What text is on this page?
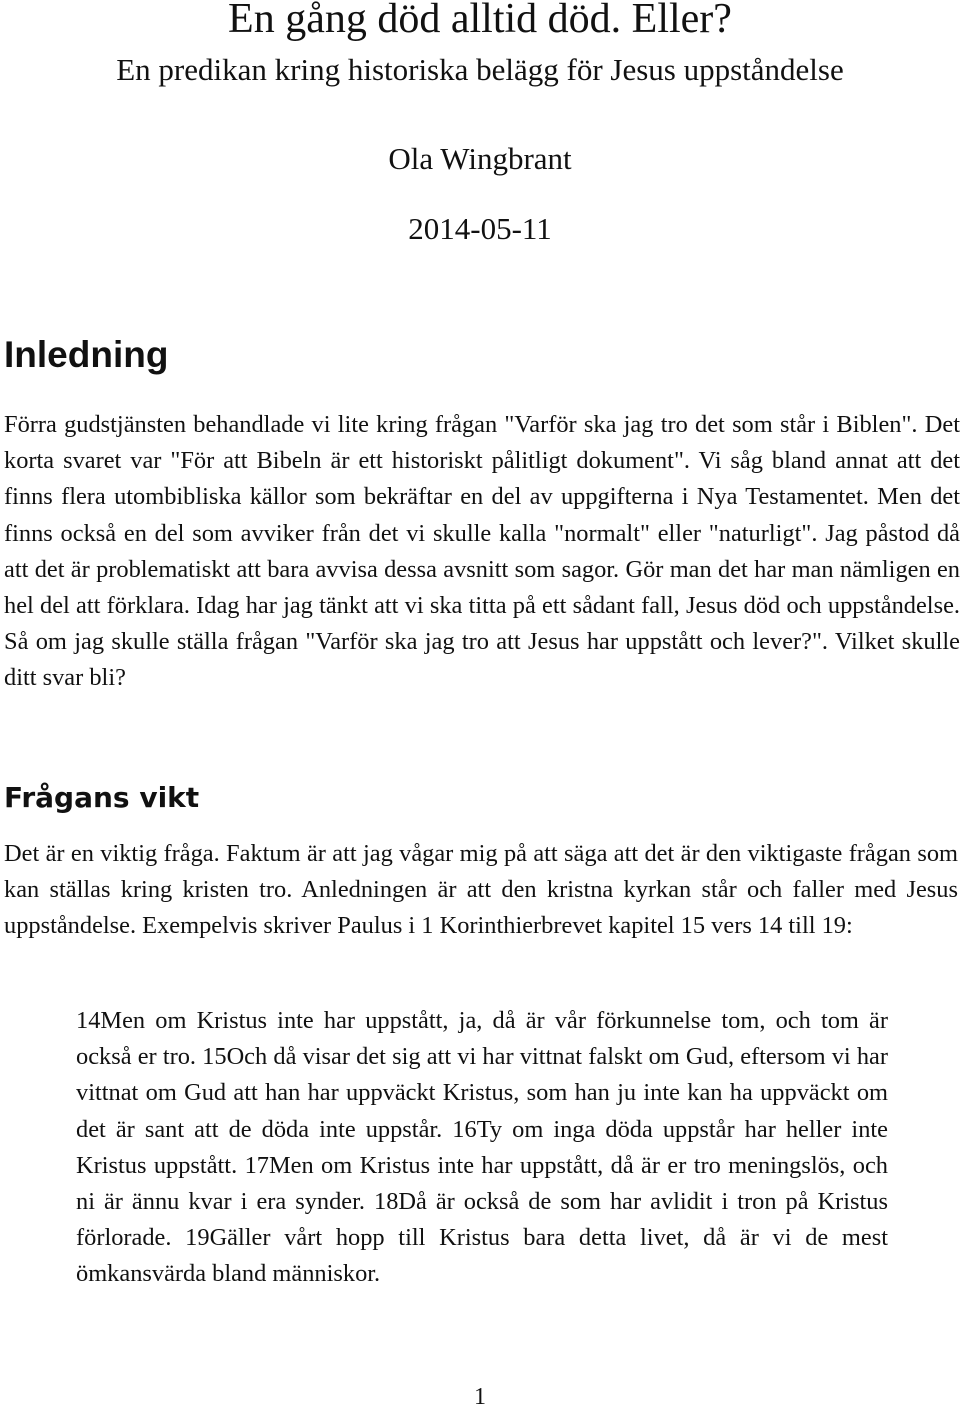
En gång död alltid död. Eller?

En predikan kring historiska belägg för Jesus uppståndelse

Ola Wingbrant

2014-05-11

Inledning

Förra gudstjänsten behandlade vi lite kring frågan "Varför ska jag tro det som står i Biblen". Det korta svaret var "För att Bibeln är ett historiskt pålitligt dokument". Vi såg bland annat att det finns flera utombibliska källor som bekräftar en del av uppgifterna i Nya Testamentet. Men det finns också en del som avviker från det vi skulle kalla "normalt" eller "naturligt". Jag påstod då att det är problematiskt att bara avvisa dessa avsnitt som sagor. Gör man det har man nämligen en hel del att förklara. Idag har jag tänkt att vi ska titta på ett sådant fall, Jesus död och uppståndelse. Så om jag skulle ställa frågan "Varför ska jag tro att Jesus har uppstått och lever?". Vilket skulle ditt svar bli?

Frågans vikt

Det är en viktig fråga. Faktum är att jag vågar mig på att säga att det är den viktigaste frågan som kan ställas kring kristen tro. Anledningen är att den kristna kyrkan står och faller med Jesus uppståndelse. Exempelvis skriver Paulus i 1 Korinthierbrevet kapitel 15 vers 14 till 19:

14Men om Kristus inte har uppstått, ja, då är vår förkunnelse tom, och tom är också er tro. 15Och då visar det sig att vi har vittnat falskt om Gud, eftersom vi har vittnat om Gud att han har uppväckt Kristus, som han ju inte kan ha uppväckt om det är sant att de döda inte uppstår. 16Ty om inga döda uppstår har heller inte Kristus uppstått. 17Men om Kristus inte har uppstått, då är er tro meningslös, och ni är ännu kvar i era synder. 18Då är också de som har avlidit i tron på Kristus förlorade. 19Gäller vårt hopp till Kristus bara detta livet, då är vi de mest ömkansvärda bland människor.

1
